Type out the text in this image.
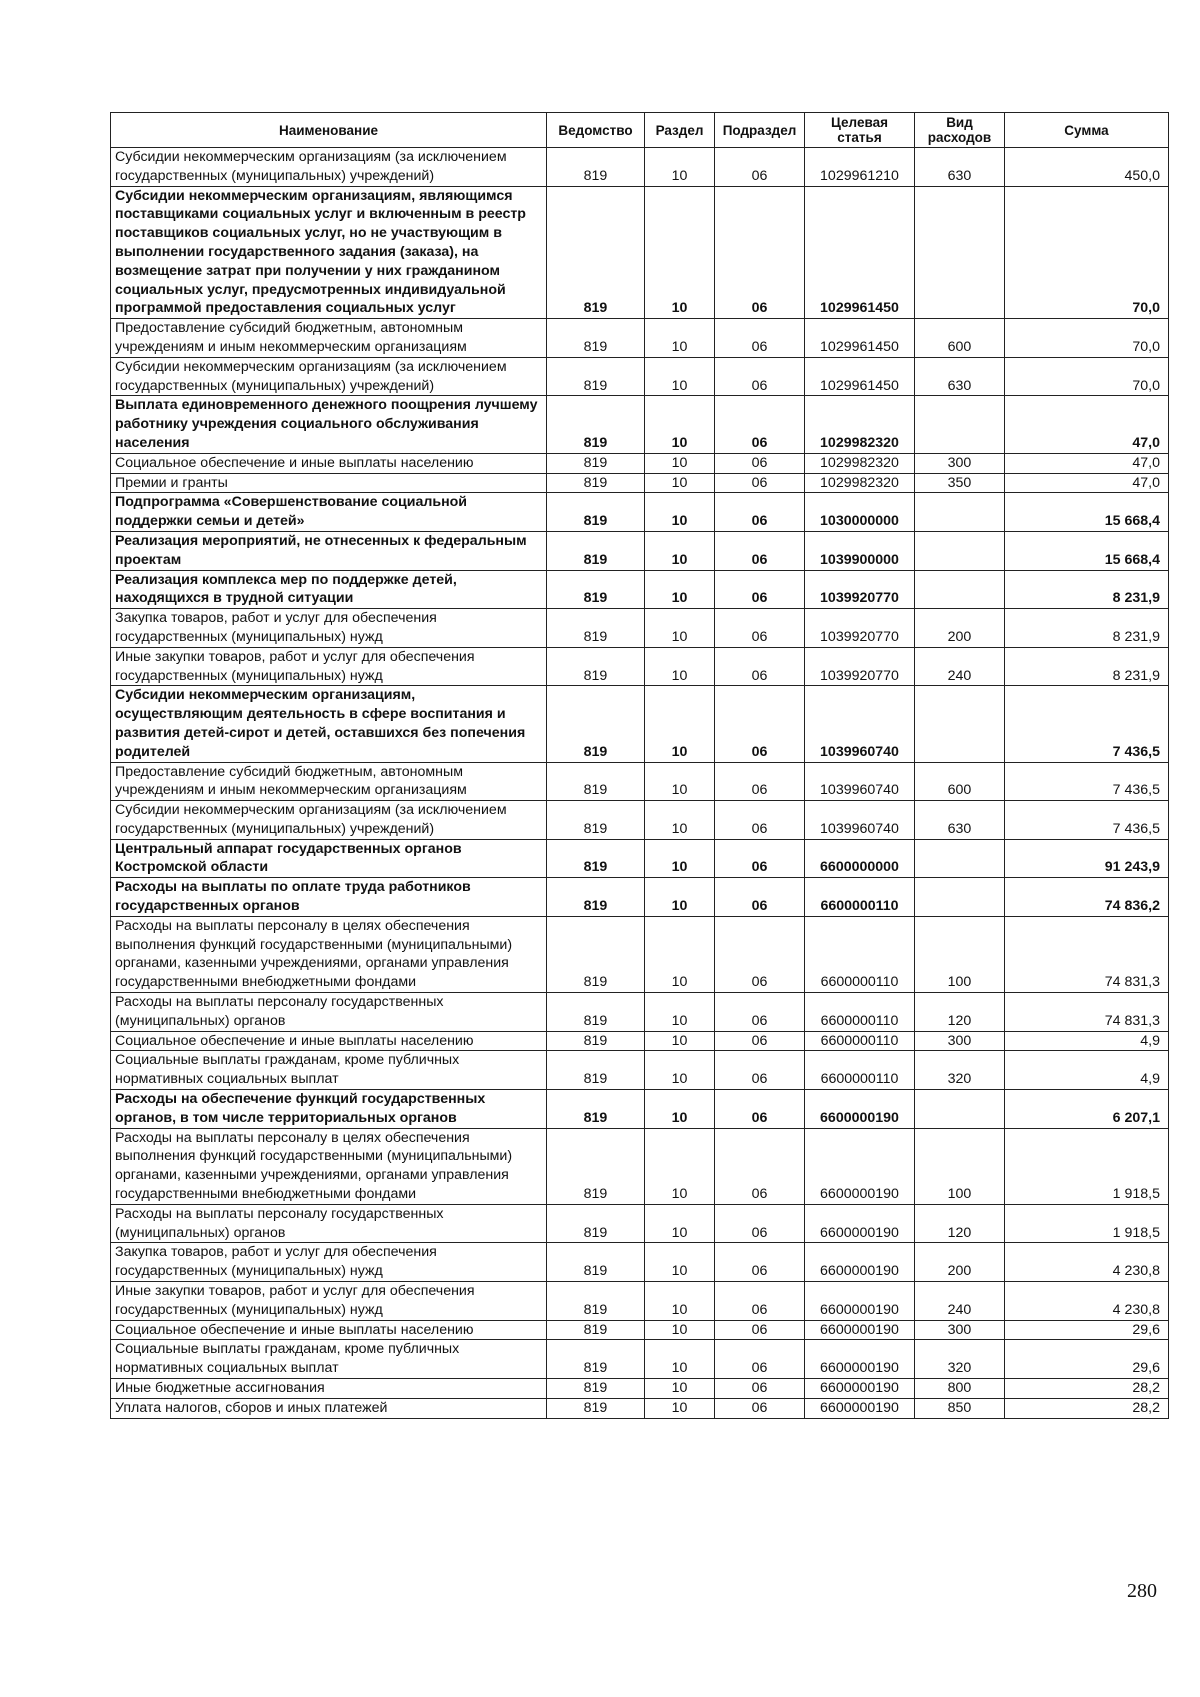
Наименование	Ведомство	Раздел	Подраздел	Целевая статья	Вид расходов	Сумма
Субсидии некоммерческим организациям (за исключением государственных (муниципальных) учреждений)	819	10	06	1029961210	630	450,0
Субсидии некоммерческим организациям, являющимся поставщиками социальных услуг и включенным в реестр поставщиков социальных услуг, но не участвующим в выполнении государственного задания (заказа), на возмещение затрат при получении у них гражданином социальных услуг, предусмотренных индивидуальной программой предоставления социальных услуг	819	10	06	1029961450		70,0
Предоставление субсидий бюджетным, автономным учреждениям и иным некоммерческим организациям	819	10	06	1029961450	600	70,0
Субсидии некоммерческим организациям (за исключением государственных (муниципальных) учреждений)	819	10	06	1029961450	630	70,0
Выплата единовременного денежного поощрения лучшему работнику учреждения социального обслуживания населения	819	10	06	1029982320		47,0
Социальное обеспечение и иные выплаты населению	819	10	06	1029982320	300	47,0
Премии и гранты	819	10	06	1029982320	350	47,0
Подпрограмма «Совершенствование социальной поддержки семьи и детей»	819	10	06	1030000000		15 668,4
Реализация мероприятий, не отнесенных к федеральным проектам	819	10	06	1039900000		15 668,4
Реализация комплекса мер по поддержке детей, находящихся в трудной ситуации	819	10	06	1039920770		8 231,9
Закупка товаров, работ и услуг для обеспечения государственных (муниципальных) нужд	819	10	06	1039920770	200	8 231,9
Иные закупки товаров, работ и услуг для обеспечения государственных (муниципальных) нужд	819	10	06	1039920770	240	8 231,9
Субсидии некоммерческим организациям, осуществляющим деятельность в сфере воспитания и развития детей-сирот и детей, оставшихся без попечения родителей	819	10	06	1039960740		7 436,5
Предоставление субсидий бюджетным, автономным учреждениям и иным некоммерческим организациям	819	10	06	1039960740	600	7 436,5
Субсидии некоммерческим организациям (за исключением государственных (муниципальных) учреждений)	819	10	06	1039960740	630	7 436,5
Центральный аппарат государственных органов Костромской области	819	10	06	6600000000		91 243,9
Расходы на выплаты по оплате труда работников государственных органов	819	10	06	6600000110		74 836,2
Расходы на выплаты персоналу в целях обеспечения выполнения функций государственными (муниципальными) органами, казенными учреждениями, органами управления государственными внебюджетными фондами	819	10	06	6600000110	100	74 831,3
Расходы на выплаты персоналу государственных (муниципальных) органов	819	10	06	6600000110	120	74 831,3
Социальное обеспечение и иные выплаты населению	819	10	06	6600000110	300	4,9
Социальные выплаты гражданам, кроме публичных нормативных социальных выплат	819	10	06	6600000110	320	4,9
Расходы на обеспечение функций государственных органов, в том числе территориальных органов	819	10	06	6600000190		6 207,1
Расходы на выплаты персоналу в целях обеспечения выполнения функций государственными (муниципальными) органами, казенными учреждениями, органами управления государственными внебюджетными фондами	819	10	06	6600000190	100	1 918,5
Расходы на выплаты персоналу государственных (муниципальных) органов	819	10	06	6600000190	120	1 918,5
Закупка товаров, работ и услуг для обеспечения государственных (муниципальных) нужд	819	10	06	6600000190	200	4 230,8
Иные закупки товаров, работ и услуг для обеспечения государственных (муниципальных) нужд	819	10	06	6600000190	240	4 230,8
Социальное обеспечение и иные выплаты населению	819	10	06	6600000190	300	29,6
Социальные выплаты гражданам, кроме публичных нормативных социальных выплат	819	10	06	6600000190	320	29,6
Иные бюджетные ассигнования	819	10	06	6600000190	800	28,2
Уплата налогов, сборов и иных платежей	819	10	06	6600000190	850	28,2
280
